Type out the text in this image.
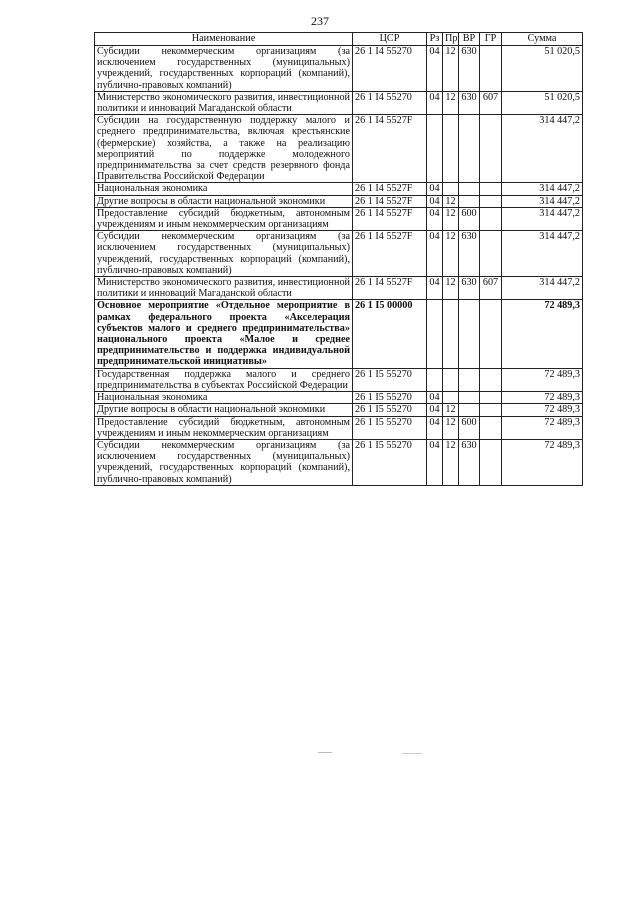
237
Наименование	ЦСР	Рз	Пр	ВР	ГР	Сумма
Субсидии некоммерческим организациям (за исключением государственных (муниципальных) учреждений, государственных корпораций (компаний), публично-правовых компаний)	26 1 I4 55270	04	12	630		51 020,5
Министерство экономического развития, инвестиционной политики и инноваций Магаданской области	26 1 I4 55270	04	12	630	607	51 020,5
Субсидии на государственную поддержку малого и среднего предпринимательства, включая крестьянские (фермерские) хозяйства, а также на реализацию мероприятий по поддержке молодежного предпринимательства за счет средств резервного фонда Правительства Российской Федерации	26 1 I4 5527F					314 447,2
Национальная экономика	26 1 I4 5527F	04				314 447,2
Другие вопросы в области национальной экономики	26 1 I4 5527F	04	12			314 447,2
Предоставление субсидий бюджетным, автономным учреждениям и иным некоммерческим организациям	26 1 I4 5527F	04	12	600		314 447,2
Субсидии некоммерческим организациям (за исключением государственных (муниципальных) учреждений, государственных корпораций (компаний), публично-правовых компаний)	26 1 I4 5527F	04	12	630		314 447,2
Министерство экономического развития, инвестиционной политики и инноваций Магаданской области	26 1 I4 5527F	04	12	630	607	314 447,2
Основное мероприятие «Отдельное мероприятие в рамках федерального проекта «Акселерация субъектов малого и среднего предпринимательства» национального проекта «Малое и среднее предпринимательство и поддержка индивидуальной предпринимательской инициативы»	26 1 I5 00000					72 489,3
Государственная поддержка малого и среднего предпринимательства в субъектах Российской Федерации	26 1 I5 55270					72 489,3
Национальная экономика	26 1 I5 55270	04				72 489,3
Другие вопросы в области национальной экономики	26 1 I5 55270	04	12			72 489,3
Предоставление субсидий бюджетным, автономным учреждениям и иным некоммерческим организациям	26 1 I5 55270	04	12	600		72 489,3
Субсидии некоммерческим организациям (за исключением государственных (муниципальных) учреждений, государственных корпораций (компаний), публично-правовых компаний)	26 1 I5 55270	04	12	630		72 489,3
